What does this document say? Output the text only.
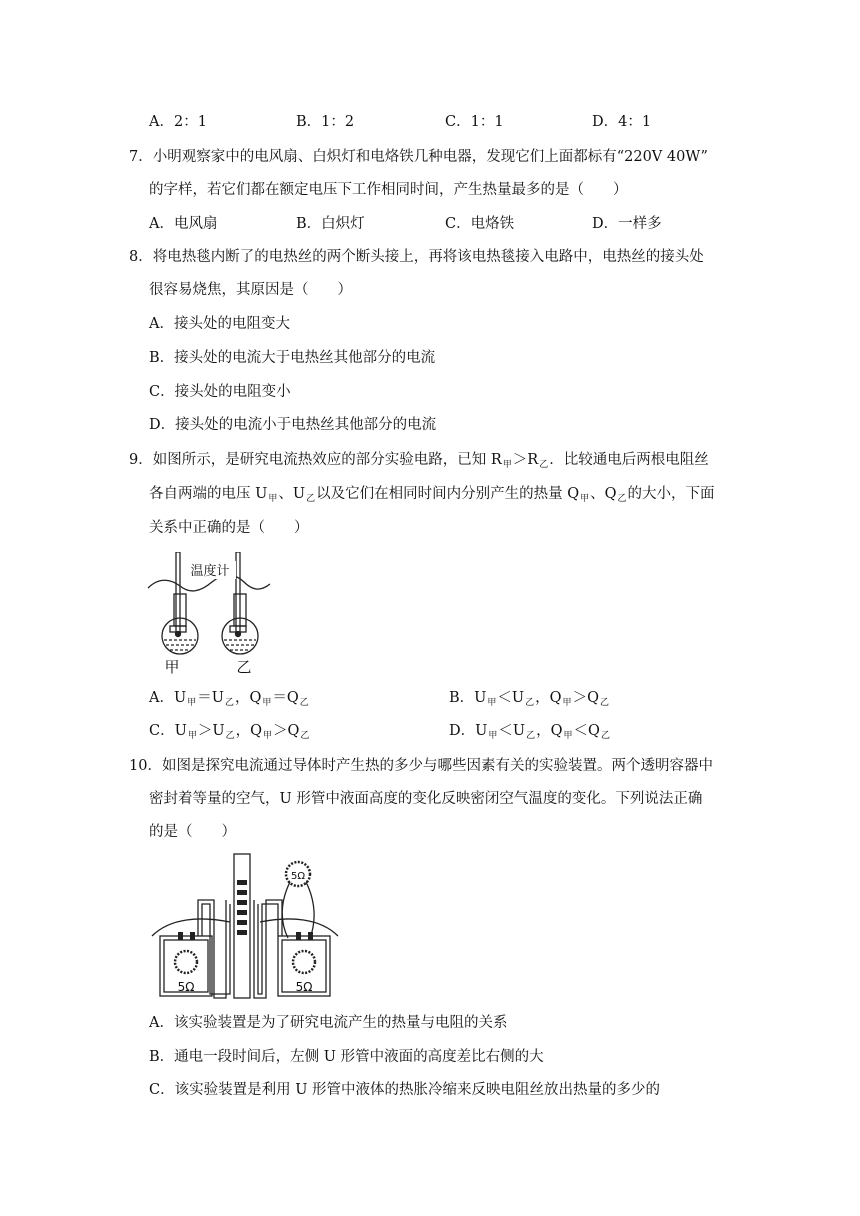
A．2：1	B．1：2	C．1：1	D．4：1
7．小明观察家中的电风扇、白炽灯和电烙铁几种电器，发现它们上面都标有“220V 40W”
的字样，若它们都在额定电压下工作相同时间，产生热量最多的是（　　）
A．电风扇	B．白炽灯	C．电烙铁	D．一样多
8．将电热毯内断了的电热丝的两个断头接上，再将该电热毯接入电路中，电热丝的接头处
很容易烧焦，其原因是（　　）
A．接头处的电阻变大
B．接头处的电流大于电热丝其他部分的电流
C．接头处的电阻变小
D．接头处的电流小于电热丝其他部分的电流
9．如图所示，是研究电流热效应的部分实验电路，已知 $R_甲>R_乙$．比较通电后两根电阻丝
各自两端的电压 $U_甲$、$U_乙$以及它们在相同时间内分别产生的热量 $Q_甲$、$Q_乙$的大小，下面
关系中正确的是（　　）
温度计
甲	乙
A．$U_甲=U_乙$，$Q_甲=Q_乙$	B．$U_甲<U_乙$，$Q_甲>Q_乙$
C．$U_甲>U_乙$，$Q_甲>Q_乙$	D．$U_甲<U_乙$，$Q_甲<Q_乙$
10．如图是探究电流通过导体时产生热的多少与哪些因素有关的实验装置。两个透明容器中
密封着等量的空气，U 形管中液面高度的变化反映密闭空气温度的变化。下列说法正确
的是（　　）
5Ω	5Ω
5Ω
A．该实验装置是为了研究电流产生的热量与电阻的关系
B．通电一段时间后，左侧 U 形管中液面的高度差比右侧的大
C．该实验装置是利用 U 形管中液体的热胀冷缩来反映电阻丝放出热量的多少的
